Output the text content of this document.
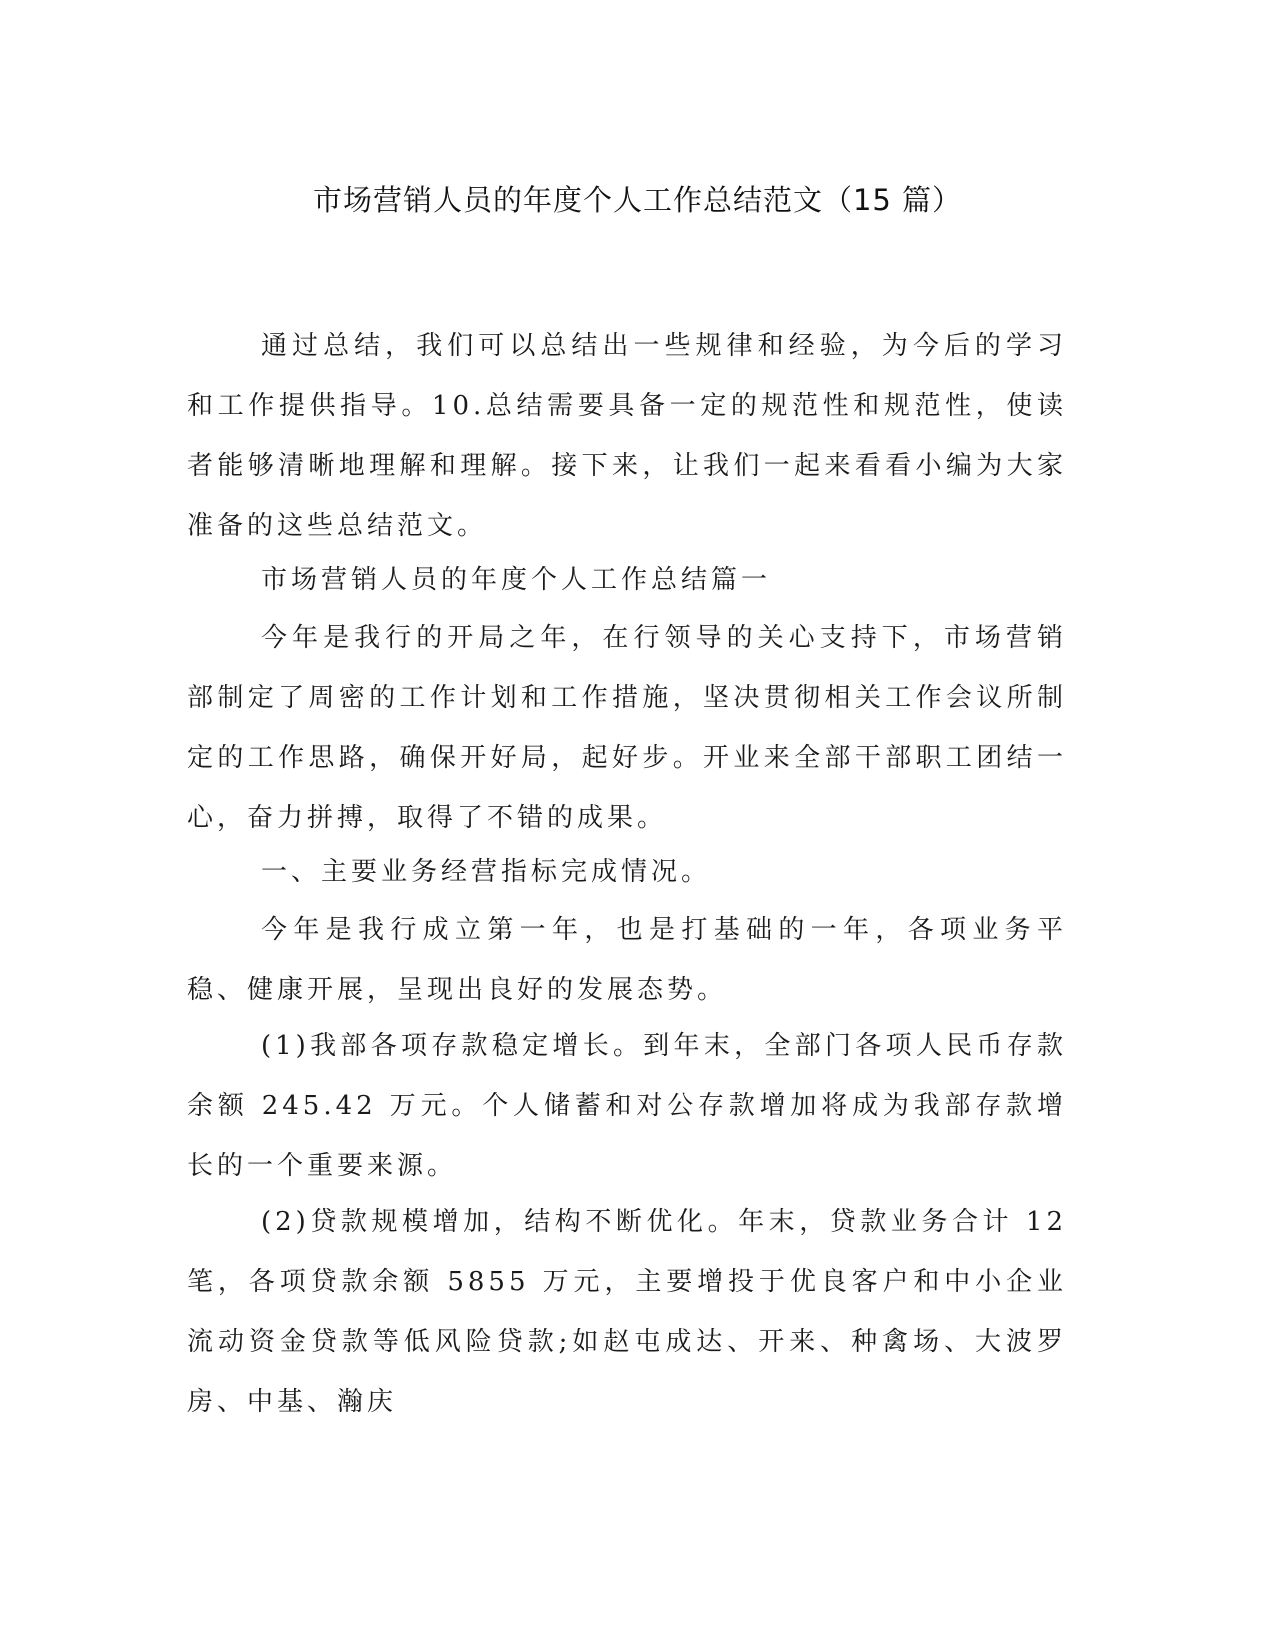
市场营销人员的年度个人工作总结范文（15 篇）

通过总结，我们可以总结出一些规律和经验，为今后的学习和工作提供指导。10.总结需要具备一定的规范性和规范性，使读者能够清晰地理解和理解。接下来，让我们一起来看看小编为大家准备的这些总结范文。

市场营销人员的年度个人工作总结篇一

今年是我行的开局之年，在行领导的关心支持下，市场营销部制定了周密的工作计划和工作措施，坚决贯彻相关工作会议所制定的工作思路，确保开好局，起好步。开业来全部干部职工团结一心，奋力拼搏，取得了不错的成果。

一、主要业务经营指标完成情况。

今年是我行成立第一年，也是打基础的一年，各项业务平稳、健康开展，呈现出良好的发展态势。

(1)我部各项存款稳定增长。到年末，全部门各项人民币存款余额 245.42 万元。个人储蓄和对公存款增加将成为我部存款增长的一个重要来源。

(2)贷款规模增加，结构不断优化。年末，贷款业务合计 12 笔，各项贷款余额 5855 万元，主要增投于优良客户和中小企业流动资金贷款等低风险贷款;如赵屯成达、开来、种禽场、大波罗房、中基、瀚庆
